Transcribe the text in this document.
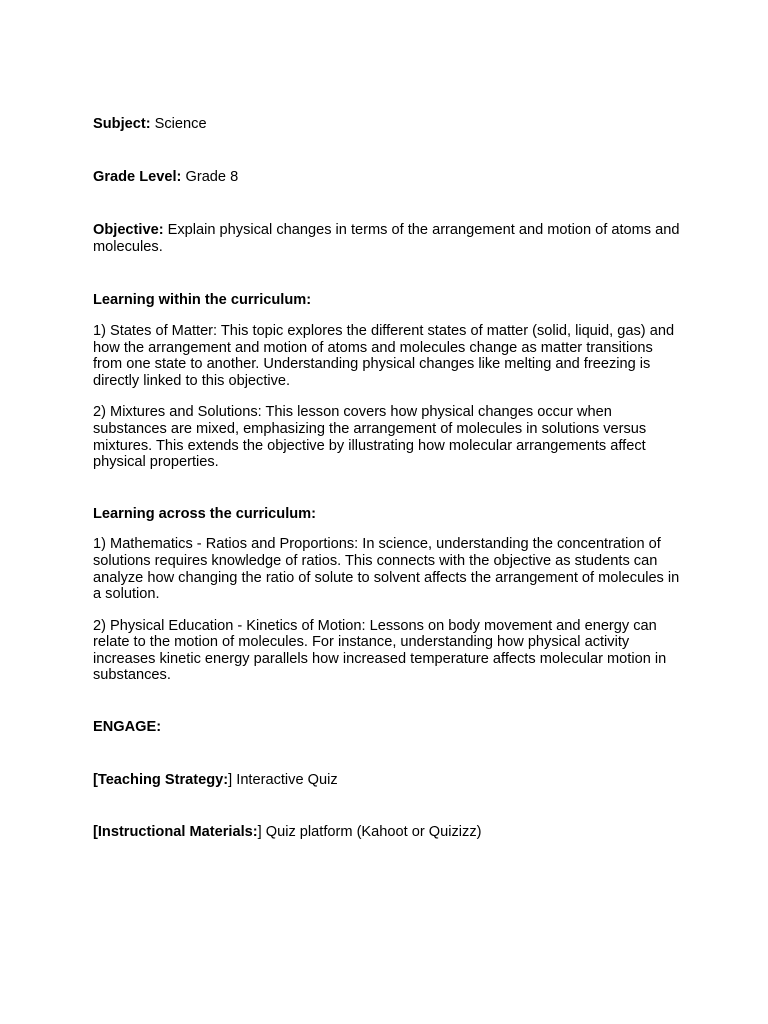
Subject: Science

Grade Level: Grade 8

Objective: Explain physical changes in terms of the arrangement and motion of atoms and molecules.

Learning within the curriculum:

1) States of Matter: This topic explores the different states of matter (solid, liquid, gas) and how the arrangement and motion of atoms and molecules change as matter transitions from one state to another. Understanding physical changes like melting and freezing is directly linked to this objective.

2) Mixtures and Solutions: This lesson covers how physical changes occur when substances are mixed, emphasizing the arrangement of molecules in solutions versus mixtures. This extends the objective by illustrating how molecular arrangements affect physical properties.

Learning across the curriculum:

1) Mathematics - Ratios and Proportions: In science, understanding the concentration of solutions requires knowledge of ratios. This connects with the objective as students can analyze how changing the ratio of solute to solvent affects the arrangement of molecules in a solution.

2) Physical Education - Kinetics of Motion: Lessons on body movement and energy can relate to the motion of molecules. For instance, understanding how physical activity increases kinetic energy parallels how increased temperature affects molecular motion in substances.

ENGAGE:

[Teaching Strategy:] Interactive Quiz

[Instructional Materials:] Quiz platform (Kahoot or Quizizz)
